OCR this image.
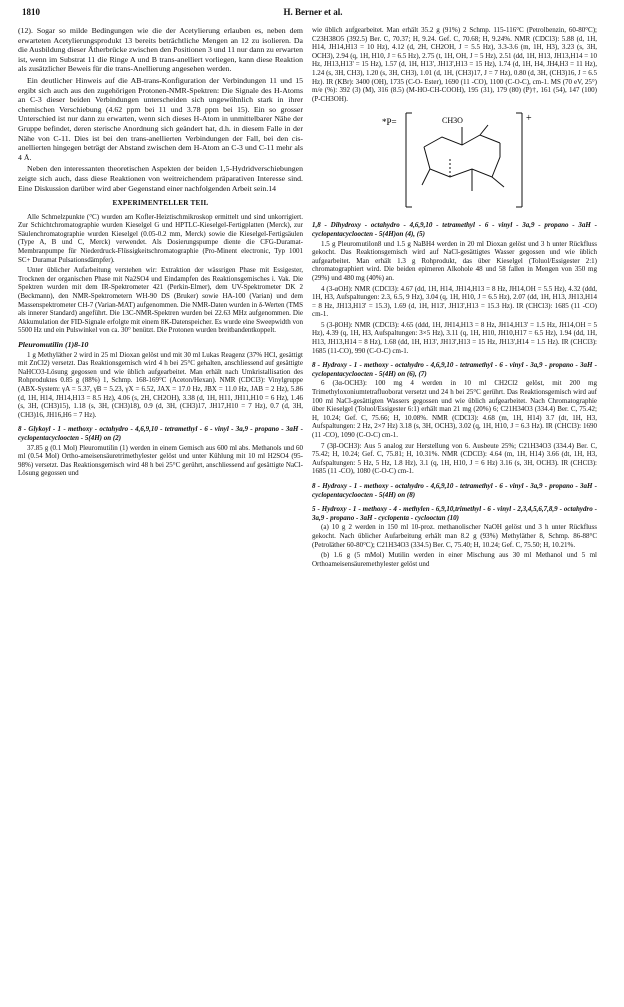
1810	H. Berner et al.

(12). Sogar so milde Bedingungen wie die der Acetylierung erlauben es, neben dem erwarteten Acetylierungsprodukt 13 bereits beträchtliche Mengen an 12 zu isolieren. Da die Ausbildung dieser Ätherbrücke zwischen den Positionen 3 und 11 nur dann zu erwarten ist, wenn im Substrat 11 die Ringe A und B trans-anelliert vorliegen, kann diese Reaktion als zusätzlicher Beweis für die trans-Anellierung angesehen werden.

Ein deutlicher Hinweis auf die AB-trans-Konfiguration der Verbindungen 11 und 15 ergibt sich auch aus den zugehörigen Protonen-NMR-Spektren: Die Signale des H-Atoms an C-3 dieser beiden Verbindungen unterscheiden sich ungewöhnlich stark in ihrer chemischen Verschiebung (4.62 ppm bei 11 und 3.78 ppm bei 15). Ein so grosser Unterschied ist nur dann zu erwarten, wenn sich dieses H-Atom in unmittelbarer Nähe der Gruppe befindet, deren sterische Anordnung sich geändert hat, d.h. in diesem Falle in der Nähe von C-11. Dies ist bei den trans-anellierten Verbindungen der Fall, bei den cis-anellierten hingegen beträgt der Abstand zwischen dem H-Atom an C-3 und C-11 mehr als 4 Å.

Neben den interessanten theoretischen Aspekten der beiden 1,5-Hydridverschiebungen zeigte sich auch, dass diese Reaktionen von weitreichendem präparativen Interesse sind. Eine Diskussion darüber wird aber Gegenstand einer nachfolgenden Arbeit sein.14

EXPERIMENTELLER TEIL

Alle Schmelzpunkte (°C) wurden am Kofler-Heiztischmikroskop ermittelt und sind unkorrigiert. Zur Schichtchromatographie wurden Kieselgel G und HPTLC-Kieselgel-Fertigplatten (Merck), zur Säulenchromatographie wurden Kieselgel (0.05-0.2 mm, Merck) sowie die Kieselgel-Fertigsäulen (Type A, B und C, Merck) verwendet. Als Dosierungspumpe diente die CFG-Duramat-Membranpumpe für Niederdruck-Flüssigkeitschromatographie (Pro-Minent electronic, Typ 1001 SC+ Duramat Pulsationsdämpfer).

Unter üblicher Aufarbeitung verstehen wir: Extraktion der wässrigen Phase mit Essigester, Trocknen der organischen Phase mit Na2SO4 und Eindampfen des Reaktionsgemisches i. Vak. Die Spektren wurden mit dem IR-Spektrometer 421 (Perkin-Elmer), dem UV-Spektrometer DK 2 (Beckmann), den NMR-Spektrometern WH-90 DS (Bruker) sowie HA-100 (Varian) und dem Massenspektrometer CH-7 (Varian-MAT) aufgenommen. Die NMR-Daten wurden in δ-Werten (TMS als innerer Standard) angeführt. Die 13C-NMR-Spektren wurden bei 22.63 MHz aufgenommen. Die Akkumulation der FID-Signale erfolgte mit einem 8K-Datenspeicher. Es wurde eine Sweepwidth von 5500 Hz und ein Pulswinkel von ca. 30° benützt. Die Protonen wurden breitbandentkoppelt.

Pleuromutilin (1)8-10

1 g Methyläther 2 wird in 25 ml Dioxan gelöst und mit 30 ml Lukas Reagenz (37% HCl, gesättigt mit ZnCl2) versetzt. Das Reaktionsgemisch wird 4 h bei 25°C gehalten, anschliessend auf gesättigte NaHCO3-Lösung gegossen und wie üblich aufgearbeitet. Man erhält nach Umkristallisation des Rohproduktes 0.85 g (88%) 1, Schmp. 168-169°C (Aceton/Hexan). NMR (CDCl3): Vinylgruppe (ABX-System: γA = 5.37, γB = 5.23, γX = 6.52, JAX = 17.0 Hz, JBX = 11.0 Hz, JAB = 2 Hz), 5.86 (d, 1H, H14, JH14,H13 = 8.5 Hz), 4.06 (s, 2H, CH2OH), 3.38 (d, 1H, H11, JH11,H10 = 6 Hz), 1.46 (s, 3H, (CH3)15), 1.18 (s, 3H, (CH3)18), 0.9 (d, 3H, (CH3)17, JH17,H10 = 7 Hz), 0.7 (d, 3H, (CH3)16, JH16,H6 = 7 Hz).

8 - Glykoyl - 1 - methoxy - octahydro - 4,6,9,10 - tetramethyl - 6 - vinyl - 3a,9 - propano - 3aH - cyclopentacycloocten - 5(4H) on (2)

37.85 g (0.1 Mol) Pleuromutilin (1) werden in einem Gemisch aus 600 ml abs. Methanols und 60 ml (0.54 Mol) Ortho-ameisensäuretrimethylester gelöst und unter Kühlung mit 10 ml H2SO4 (95-98%) versetzt. Das Reaktionsgemisch wird 48 h bei 25°C gerührt, anschliessend auf gesättigte NaCl-Lösung gegossen und

wie üblich aufgearbeitet. Man erhält 35.2 g (91%) 2 Schmp. 115-116°C (Petrolbenzin, 60-80°C); C23H38O5 (392.5) Ber. C, 70.37; H, 9.24. Gef. C, 70.68; H, 9.24%. NMR (CDCl3): 5.88 (d, 1H, H14, JH14,H13 = 10 Hz), 4.12 (d, 2H, CH2OH, J = 5.5 Hz), 3.3-3.6 (m, 1H, H3), 3.23 (s, 3H, OCH3), 2.94 (q, 1H, H10, J = 6.5 Hz), 2.75 (t, 1H, OH, J = 5 Hz), 2.51 (dd, 1H, H13, JH13,H14 = 10 Hz, JH13,H13' = 15 Hz), 1.57 (d, 1H, H13', JH13',H13 = 15 Hz), 1.74 (d, 1H, H4, JH4,H3 = 11 Hz), 1.24 (s, 3H, CH3), 1.20 (s, 3H, CH3), 1.01 (d, 1H, (CH3)17, J = 7 Hz), 0.80 (d, 3H, (CH3)16, J = 6.5 Hz). IR (KBr): 3400 (OH), 1735 (C-O- Ester), 1690 (11 -CO), 1100 (C-O-C), cm-1. MS (70 eV, 25°) m/e (%): 392 (3) (M), 316 (8.5) (M-HO-CH-COOH), 195 (31), 179 (80) (P)†, 161 (54), 147 (100) (P-CH3OH).

*P=	+
CH3O
1,8 - Dihydroxy - octahydro - 4,6,9,10 - tetramethyl - 6 - vinyl - 3a,9 - propano - 3aH - cyclopentacycloocten - 5(4H)on (4), (5)

1.5 g Pleuromutilon8 und 1.5 g NaBH4 werden in 20 ml Dioxan gelöst und 3 h unter Rückfluss gekocht. Das Reaktionsgemisch wird auf NaCl-gesättigtes Wasser gegossen und wie üblich aufgearbeitet. Man erhält 1.3 g Rohprodukt, das über Kieselgel (Toluol/Essigester 2:1) chromatographiert wird. Die beiden epimeren Alkohole 48 und 58 fallen in Mengen von 350 mg (29%) und 480 mg (40%) an.

4 (3-αOH): NMR (CDCl3): 4.67 (dd, 1H, H14, JH14,H13 = 8 Hz, JH14,OH = 5.5 Hz), 4.32 (ddd, 1H, H3, Aufspaltungen: 2.3, 6.5, 9 Hz), 3.04 (q, 1H, H10, J = 6.5 Hz), 2.07 (dd, 1H, H13, JH13,H14 = 8 Hz, JH13,H13' = 15.3), 1.69 (d, 1H, H13', JH13',H13 = 15.3 Hz). IR (CHCl3): 1685 (11 -CO) cm-1.

5 (3-βOH): NMR (CDCl3): 4.65 (ddd, 1H, JH14,H13 = 8 Hz, JH14,H13' = 1.5 Hz, JH14,OH = 5 Hz), 4.39 (q, 1H, H3, Aufspaltungen: 3×5 Hz), 3.11 (q, 1H, H10, JH10,H17 = 6.5 Hz), 1.94 (dd, 1H, H13, JH13,H14 = 8 Hz), 1.68 (dd, 1H, H13', JH13',H13 = 15 Hz, JH13',H14 = 1.5 Hz). IR (CHCl3): 1685 (11-CO), 990 (C-O-C) cm-1.

8 - Hydroxy - 1 - methoxy - octahydro - 4,6,9,10 - tetramethyl - 6 - vinyl - 3a,9 - propano - 3aH - cyclopentacycloocten - 5(4H) on (6), (7)

6 (3α-OCH3): 100 mg 4 werden in 10 ml CH2Cl2 gelöst, mit 200 mg Trimethyloxoniumtetrafluoborat versetzt und 24 h bei 25°C gerührt. Das Reaktionsgemisch wird auf 100 ml NaCl-gesättigten Wassers gegossen und wie üblich aufgearbeitet. Nach Chromatographie über Kieselgel (Toluol/Essigester 6:1) erhält man 21 mg (20%) 6; C21H34O3 (334.4) Ber. C, 75.42; H, 10.24; Gef. C, 75.66; H, 10.08%. NMR (CDCl3): 4.68 (m, 1H, H14) 3.7 (dt, 1H, H3, Aufspaltungen: 2 Hz, 2×7 Hz) 3.18 (s, 3H, OCH3), 3.02 (q, 1H, H10, J = 6.3 Hz). IR (CHCl3): 1690 (11 -CO), 1090 (C-O-C) cm-1.

7 (3β-OCH3): Aus 5 analog zur Herstellung von 6. Ausbeute 25%; C21H34O3 (334.4) Ber. C, 75.42; H, 10.24; Gef. C, 75.81; H, 10.31%. NMR (CDCl3): 4.64 (m, 1H, H14) 3.66 (dt, 1H, H3, Aufspaltungen: 5 Hz, 5 Hz, 1.8 Hz), 3.1 (q, 1H, H10, J = 6 Hz) 3.16 (s, 3H, OCH3). IR (CHCl3): 1685 (11 -CO), 1080 (C-O-C) cm-1.

8 - Hydroxy - 1 - methoxy - octahydro - 4,6,9,10 - tetramethyl - 6 - vinyl - 3a,9 - propano - 3aH - cyclopentacycloocten - 5(4H) on (8)
5 - Hydroxy - 1 - methoxy - 4 - methylen - 6,9,10,trimethyl - 6 - vinyl - 2,3,4,5,6,7,8,9 - octahydro - 3a,9 - propano - 3aH - cyclopenta - cyclooctan (10)

(a) 10 g 2 werden in 150 ml 10-proz. methanolischer NaOH gelöst und 3 h unter Rückfluss gekocht. Nach üblicher Aufarbeitung erhält man 8.2 g (93%) Methyläther 8, Schmp. 86-88°C (Petroläther 60-80°C); C21H34O3 (334.5) Ber. C, 75.40; H, 10.24; Gef. C, 75.50; H, 10.21%.

(b) 1.6 g (5 mMol) Mutilin werden in einer Mischung aus 30 ml Methanol und 5 ml Orthoameisensäuremethylester gelöst und
